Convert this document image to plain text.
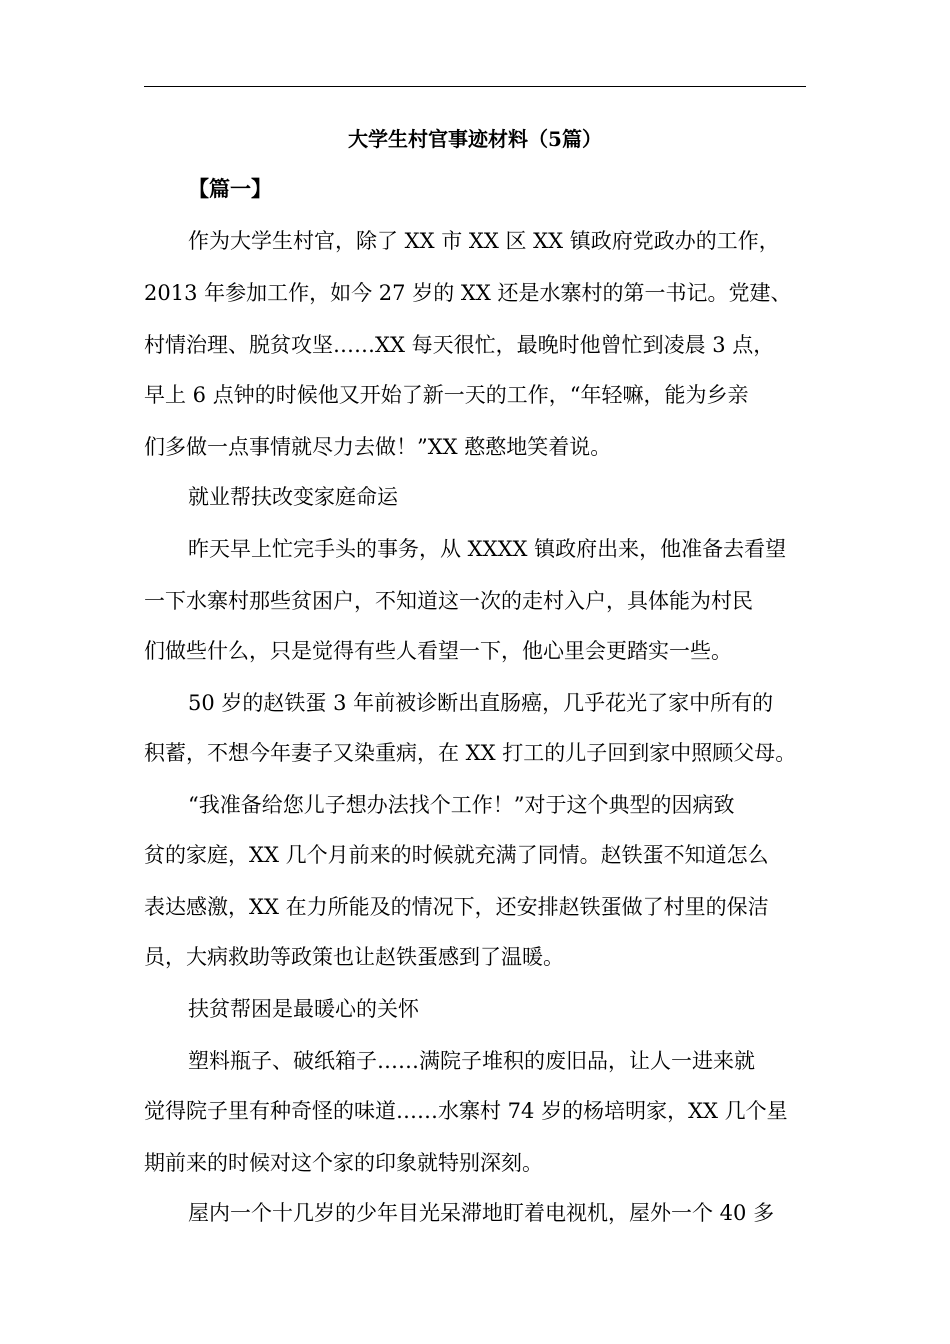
大学生村官事迹材料（5篇）
【篇一】
作为大学生村官，除了 XX 市 XX 区 XX 镇政府党政办的工作，
2013 年参加工作，如今 27 岁的 XX 还是水寨村的第一书记。党建、
村情治理、脱贫攻坚……XX 每天很忙，最晚时他曾忙到凌晨 3 点，
早上 6 点钟的时候他又开始了新一天的工作，“年轻嘛，能为乡亲
们多做一点事情就尽力去做！”XX 憨憨地笑着说。
就业帮扶改变家庭命运
昨天早上忙完手头的事务，从 XXXX 镇政府出来，他准备去看望
一下水寨村那些贫困户，不知道这一次的走村入户，具体能为村民
们做些什么，只是觉得有些人看望一下，他心里会更踏实一些。
50 岁的赵铁蛋 3 年前被诊断出直肠癌，几乎花光了家中所有的
积蓄，不想今年妻子又染重病，在 XX 打工的儿子回到家中照顾父母。
“我准备给您儿子想办法找个工作！”对于这个典型的因病致
贫的家庭，XX 几个月前来的时候就充满了同情。赵铁蛋不知道怎么
表达感激，XX 在力所能及的情况下，还安排赵铁蛋做了村里的保洁
员，大病救助等政策也让赵铁蛋感到了温暖。
扶贫帮困是最暖心的关怀
塑料瓶子、破纸箱子……满院子堆积的废旧品，让人一进来就
觉得院子里有种奇怪的味道……水寨村 74 岁的杨培明家，XX 几个星
期前来的时候对这个家的印象就特别深刻。
屋内一个十几岁的少年目光呆滞地盯着电视机，屋外一个 40 多
